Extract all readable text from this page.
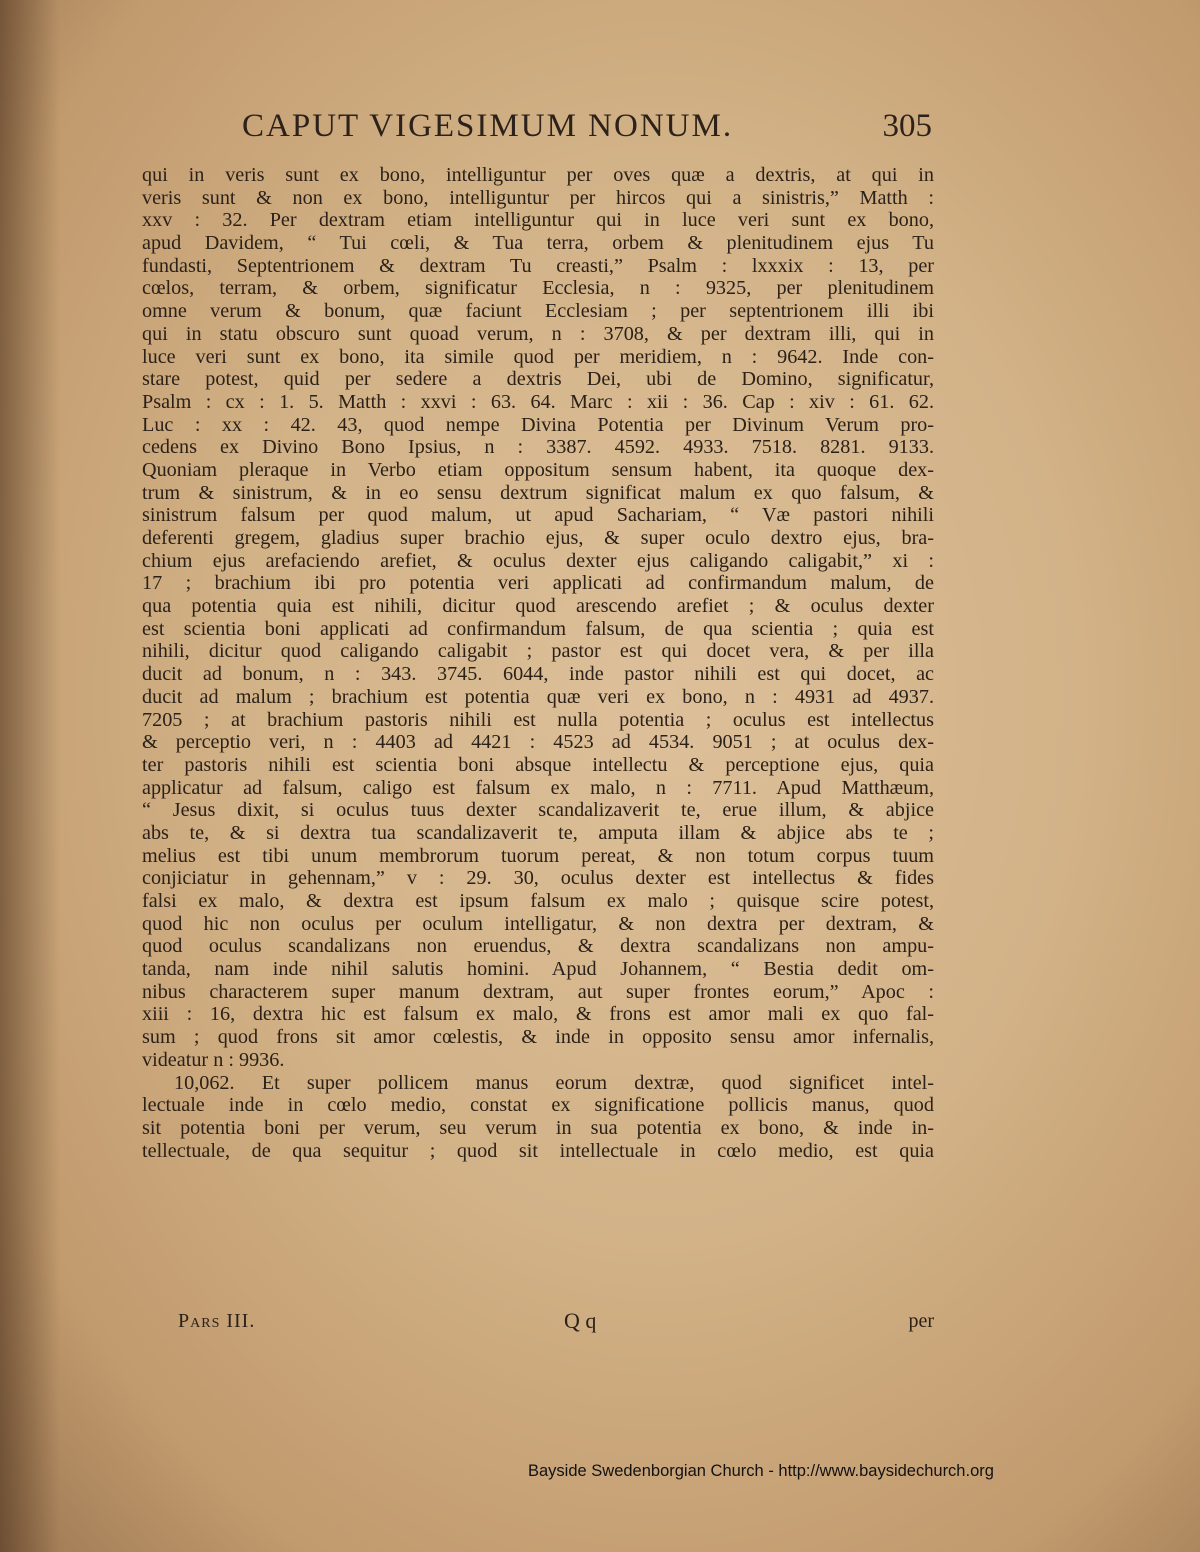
CAPUT VIGESIMUM NONUM.	305
qui in veris sunt ex bono, intelliguntur per oves quæ a dextris, at qui in
veris sunt & non ex bono, intelliguntur per hircos qui a sinistris,” Matth :
xxv : 32. Per dextram etiam intelliguntur qui in luce veri sunt ex bono,
apud Davidem, “ Tui cœli, & Tua terra, orbem & plenitudinem ejus Tu
fundasti, Septentrionem & dextram Tu creasti,” Psalm : lxxxix : 13, per
cœlos, terram, & orbem, significatur Ecclesia, n : 9325, per plenitudinem
omne verum & bonum, quæ faciunt Ecclesiam ; per septentrionem illi ibi
qui in statu obscuro sunt quoad verum, n : 3708, & per dextram illi, qui in
luce veri sunt ex bono, ita simile quod per meridiem, n : 9642. Inde con-
stare potest, quid per sedere a dextris Dei, ubi de Domino, significatur,
Psalm : cx : 1. 5. Matth : xxvi : 63. 64. Marc : xii : 36. Cap : xiv : 61. 62.
Luc : xx : 42. 43, quod nempe Divina Potentia per Divinum Verum pro-
cedens ex Divino Bono Ipsius, n : 3387. 4592. 4933. 7518. 8281. 9133.
Quoniam pleraque in Verbo etiam oppositum sensum habent, ita quoque dex-
trum & sinistrum, & in eo sensu dextrum significat malum ex quo falsum, &
sinistrum falsum per quod malum, ut apud Sachariam, “ Væ pastori nihili
deferenti gregem, gladius super brachio ejus, & super oculo dextro ejus, bra-
chium ejus arefaciendo arefiet, & oculus dexter ejus caligando caligabit,” xi :
17 ; brachium ibi pro potentia veri applicati ad confirmandum malum, de
qua potentia quia est nihili, dicitur quod arescendo arefiet ; & oculus dexter
est scientia boni applicati ad confirmandum falsum, de qua scientia ; quia est
nihili, dicitur quod caligando caligabit ; pastor est qui docet vera, & per illa
ducit ad bonum, n : 343. 3745. 6044, inde pastor nihili est qui docet, ac
ducit ad malum ; brachium est potentia quæ veri ex bono, n : 4931 ad 4937.
7205 ; at brachium pastoris nihili est nulla potentia ; oculus est intellectus
& perceptio veri, n : 4403 ad 4421 : 4523 ad 4534. 9051 ; at oculus dex-
ter pastoris nihili est scientia boni absque intellectu & perceptione ejus, quia
applicatur ad falsum, caligo est falsum ex malo, n : 7711. Apud Matthæum,
“ Jesus dixit, si oculus tuus dexter scandalizaverit te, erue illum, & abjice
abs te, & si dextra tua scandalizaverit te, amputa illam & abjice abs te ;
melius est tibi unum membrorum tuorum pereat, & non totum corpus tuum
conjiciatur in gehennam,” v : 29. 30, oculus dexter est intellectus & fides
falsi ex malo, & dextra est ipsum falsum ex malo ; quisque scire potest,
quod hic non oculus per oculum intelligatur, & non dextra per dextram, &
quod oculus scandalizans non eruendus, & dextra scandalizans non ampu-
tanda, nam inde nihil salutis homini. Apud Johannem, “ Bestia dedit om-
nibus characterem super manum dextram, aut super frontes eorum,” Apoc :
xiii : 16, dextra hic est falsum ex malo, & frons est amor mali ex quo fal-
sum ; quod frons sit amor cœlestis, & inde in opposito sensu amor infernalis,
videatur n : 9936.
10,062. Et super pollicem manus eorum dextræ, quod significet intel-
lectuale inde in cœlo medio, constat ex significatione pollicis manus, quod
sit potentia boni per verum, seu verum in sua potentia ex bono, & inde in-
tellectuale, de qua sequitur ; quod sit intellectuale in cœlo medio, est quia
Pars III.	Q q	per
Bayside Swedenborgian Church - http://www.baysidechurch.org
